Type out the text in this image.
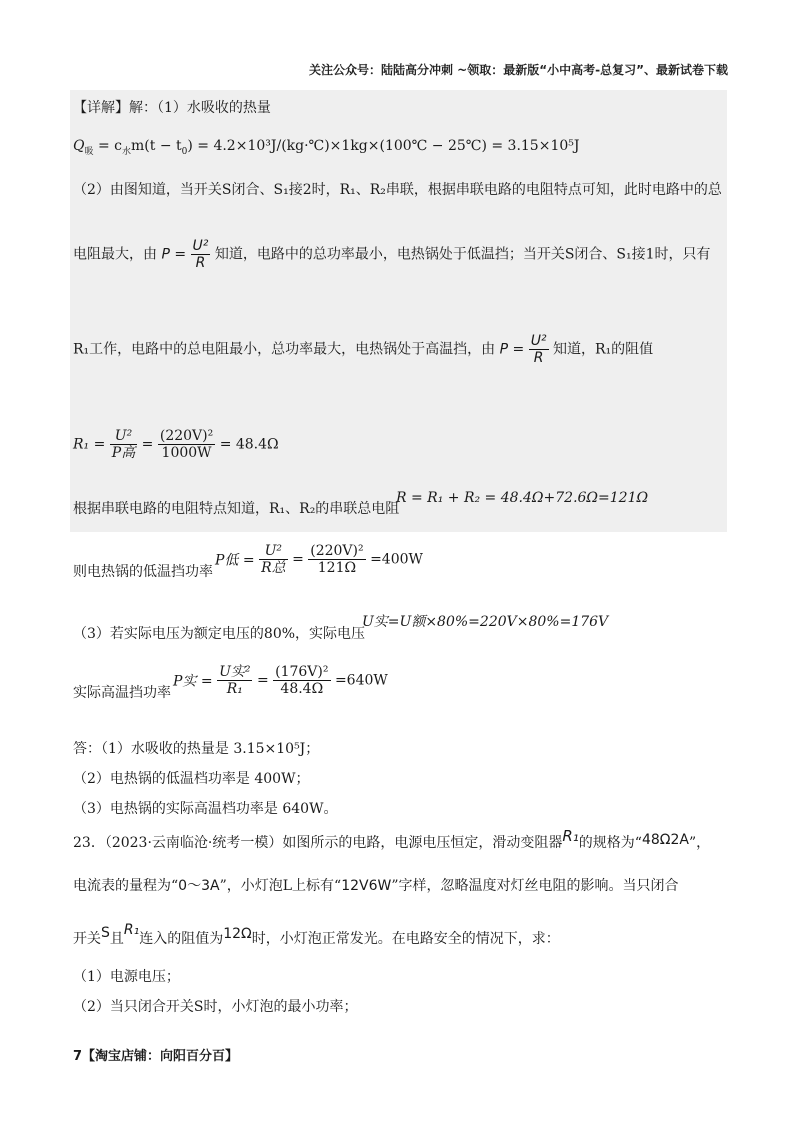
关注公众号：陆陆高分冲刺 ~领取：最新版“小中高考-总复习”、最新试卷下载
【详解】解：（1）水吸收的热量
$Q_吸 = c_水m(t - t_0)$ = 4.2×10³J/(kg·℃)×1kg×(100℃ − 25℃) = 3.15×10⁵J
（2）由图知道，当开关S闭合、S₁接2时，R₁、R₂串联，根据串联电路的电阻特点可知，此时电路中的总
电阻最大，由 $P = \frac{\text{U²}}{R}$ 知道，电路中的总功率最小，电热锅处于低温挡；当开关S闭合、S₁接1时，只有
R₁工作，电路中的总电阻最小，总功率最大，电热锅处于高温挡，由 $P = \frac{\text{U²}}{R}$ 知道，R₁的阻值
$R_1 = \frac{\text{U²}}{\text{P高}} = \frac{\text{(220V)²}}{1000W} = 48.4\Omega$
根据串联电路的电阻特点知道，R₁、R₂的串联总电阻
R = R₁ + R₂ = 48.4Ω+72.6Ω=121Ω
则电热锅的低温挡功率
P低 = $\frac{\text{U²}}{\text{R总}} = \frac{\text{(220V)²}}{121\Omega} =400W$
（3）若实际电压为额定电压的80%，实际电压
U实=U额×80%=220V×80%=176V
实际高温挡功率
P实 = $\frac{\text{U实²}}{\text{R₁}} = \frac{\text{(176V)²}}{48.4\Omega} =640W$
答：（1）水吸收的热量是 3.15×10⁵J；
（2）电热锅的低温档功率是 400W；
（3）电热锅的实际高温档功率是 640W。
23．（2023·云南临沧·统考一模）如图所示的电路，电源电压恒定，滑动变阻器R₁的规格为“48Ω2A”，
电流表的量程为“0～3A”，小灯泡L上标有“12V6W”字样，忽略温度对灯丝电阻的影响。当只闭合
开关S且R₁连入的阻值为12Ω时，小灯泡正常发光。在电路安全的情况下，求：
（1）电源电压；
（2）当只闭合开关S时，小灯泡的最小功率；
7【淘宝店铺：向阳百分百】
